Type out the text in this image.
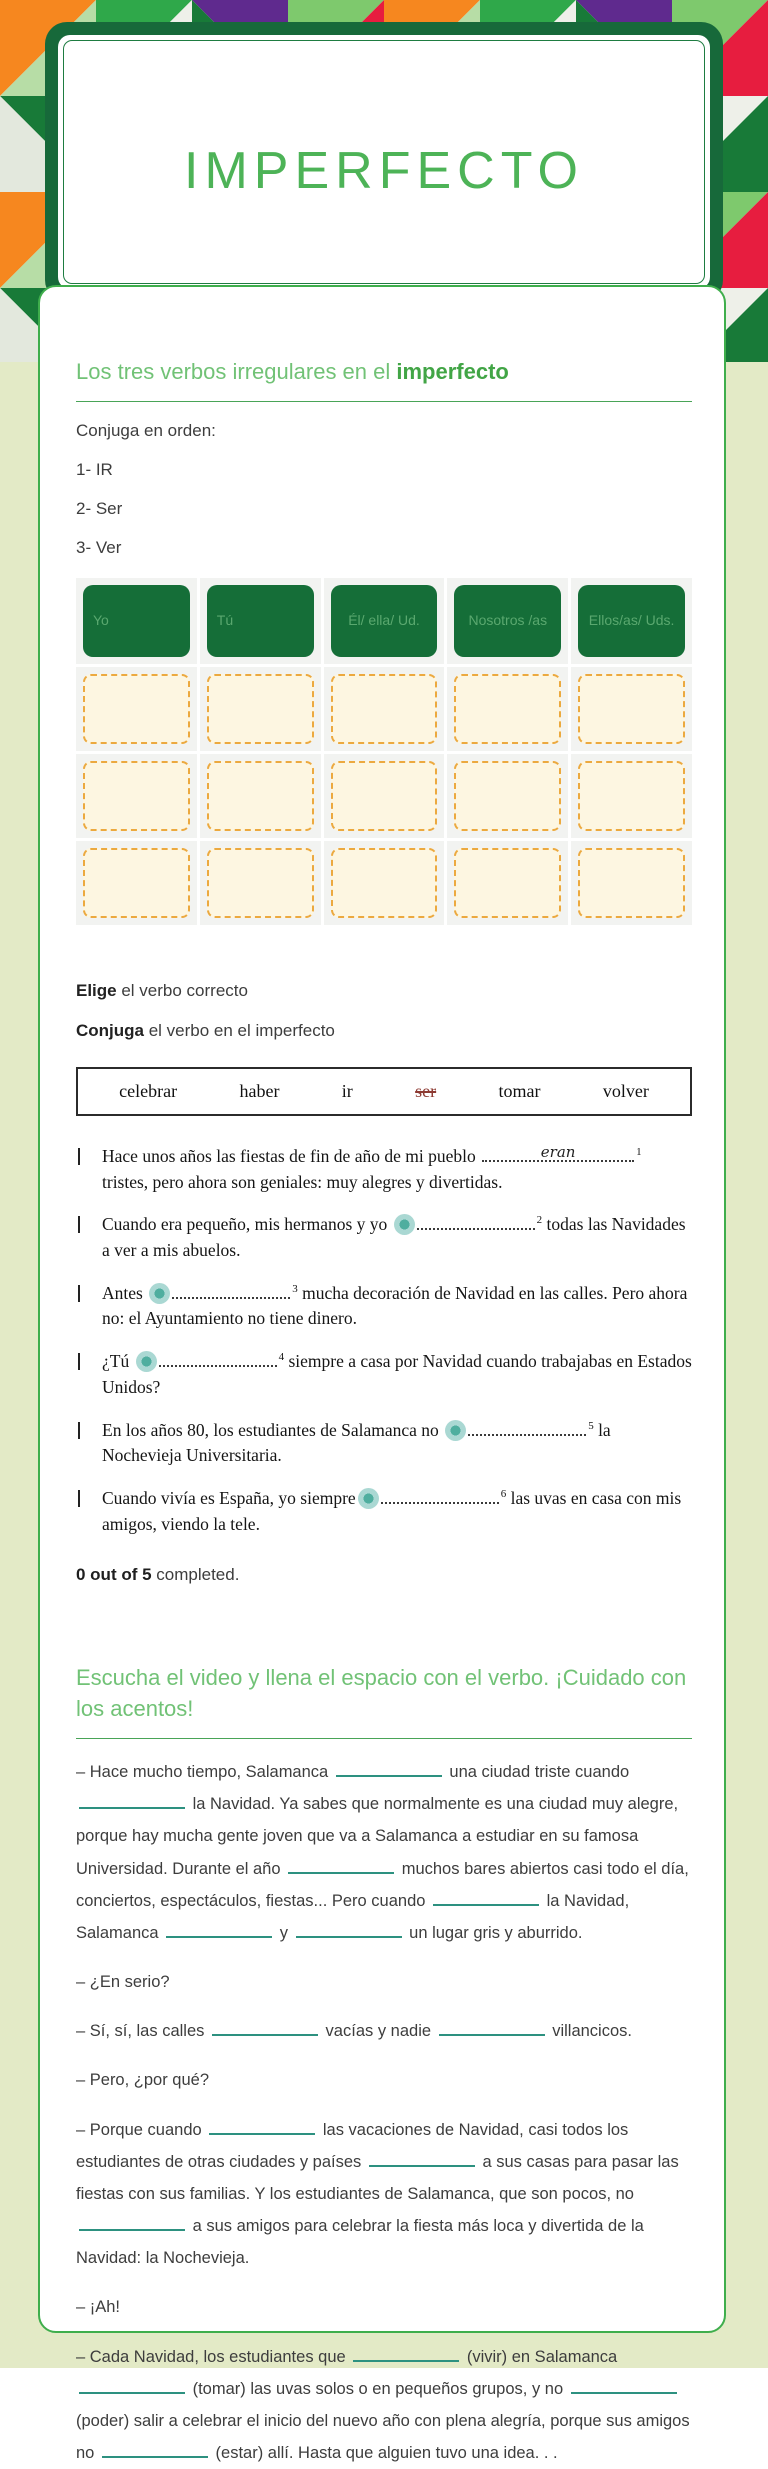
IMPERFECTO
Los tres verbos irregulares en el imperfecto

Conjuga en orden:

1- IR

2- Ser

3- Ver

Yo	Tú	Él/ ella/ Ud.	Nosotros /as	Ellos/as/ Uds.

Elige el verbo correcto

Conjuga el verbo en el imperfecto

celebrar	haber	ir	ser	tomar	volver
Hace unos años las fiestas de fin de año de mi pueblo	eran	$^1$ tristes, pero ahora son geniales: muy alegres y divertidas.
Cuando era pequeño, mis hermanos y yo	$^2$ todas las Navidades a ver a mis abuelos.
Antes	$^3$ mucha decoración de Navidad en las calles. Pero ahora no: el Ayuntamiento no tiene dinero.
¿Tú	$^4$ siempre a casa por Navidad cuando trabajabas en Estados Unidos?
En los años 80, los estudiantes de Salamanca no	$^5$ la Nochevieja Universitaria.
Cuando vivía es España, yo siempre	$^6$ las uvas en casa con mis amigos, viendo la tele.

0 out of 5 completed.

Escucha el video y llena el espacio con el verbo. ¡Cuidado con los acentos!

– Hace mucho tiempo, Salamanca	una ciudad triste cuando  la Navidad. Ya sabes que normalmente es una ciudad muy alegre, porque hay mucha gente joven que va a Salamanca a estudiar en su famosa Universidad. Durante el año	muchos bares abiertos casi todo el día, conciertos, espectáculos, fiestas... Pero cuando	la Navidad, Salamanca	y	un lugar gris y aburrido.

– ¿En serio?

– Sí, sí, las calles	vacías y nadie	villancicos.

– Pero, ¿por qué?

– Porque cuando	las vacaciones de Navidad, casi todos los estudiantes de otras ciudades y países	a sus casas para pasar las fiestas con sus familias. Y los estudiantes de Salamanca, que son pocos, no  a sus amigos para celebrar la fiesta más loca y divertida de la Navidad: la Nochevieja.

– ¡Ah!

– Cada Navidad, los estudiantes que	(vivir) en Salamanca  (tomar) las uvas solos o en pequeños grupos, y no  (poder) salir a celebrar el inicio del nuevo año con plena alegría, porque sus amigos no	(estar) allí. Hasta que alguien tuvo una idea. . .
